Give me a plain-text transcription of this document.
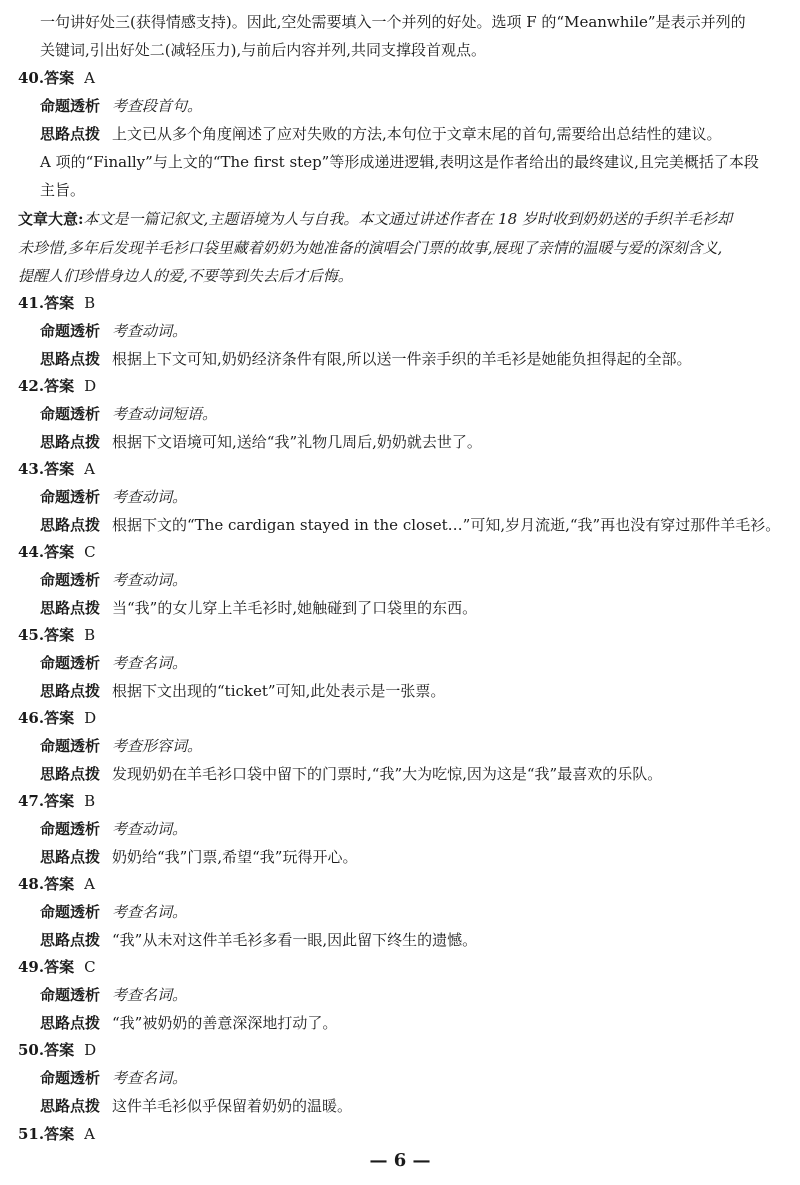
一句讲好处三(获得情感支持)。因此,空处需要填入一个并列的好处。选项 F 的“Meanwhile”是表示并列的
关键词,引出好处二(减轻压力),与前后内容并列,共同支撑段首观点。
40.答案 A
命题透析 考查段首句。
思路点拨 上文已从多个角度阐述了应对失败的方法,本句位于文章末尾的首句,需要给出总结性的建议。
A 项的“Finally”与上文的“The first step”等形成递进逻辑,表明这是作者给出的最终建议,且完美概括了本段
主旨。
文章大意:本文是一篇记叙文,主题语境为人与自我。本文通过讲述作者在 18 岁时收到奶奶送的手织羊毛衫却
未珍惜,多年后发现羊毛衫口袋里藏着奶奶为她准备的演唱会门票的故事,展现了亲情的温暖与爱的深刻含义,
提醒人们珍惜身边人的爱,不要等到失去后才后悔。
41.答案 B
命题透析 考查动词。
思路点拨 根据上下文可知,奶奶经济条件有限,所以送一件亲手织的羊毛衫是她能负担得起的全部。
42.答案 D
命题透析 考查动词短语。
思路点拨 根据下文语境可知,送给“我”礼物几周后,奶奶就去世了。
43.答案 A
命题透析 考查动词。
思路点拨 根据下文的“The cardigan stayed in the closet…”可知,岁月流逝,“我”再也没有穿过那件羊毛衫。
44.答案 C
命题透析 考查动词。
思路点拨 当“我”的女儿穿上羊毛衫时,她触碰到了口袋里的东西。
45.答案 B
命题透析 考查名词。
思路点拨 根据下文出现的“ticket”可知,此处表示是一张票。
46.答案 D
命题透析 考查形容词。
思路点拨 发现奶奶在羊毛衫口袋中留下的门票时,“我”大为吃惊,因为这是“我”最喜欢的乐队。
47.答案 B
命题透析 考查动词。
思路点拨 奶奶给“我”门票,希望“我”玩得开心。
48.答案 A
命题透析 考查名词。
思路点拨 “我”从未对这件羊毛衫多看一眼,因此留下终生的遗憾。
49.答案 C
命题透析 考查名词。
思路点拨 “我”被奶奶的善意深深地打动了。
50.答案 D
命题透析 考查名词。
思路点拨 这件羊毛衫似乎保留着奶奶的温暖。
51.答案 A
— 6 —
